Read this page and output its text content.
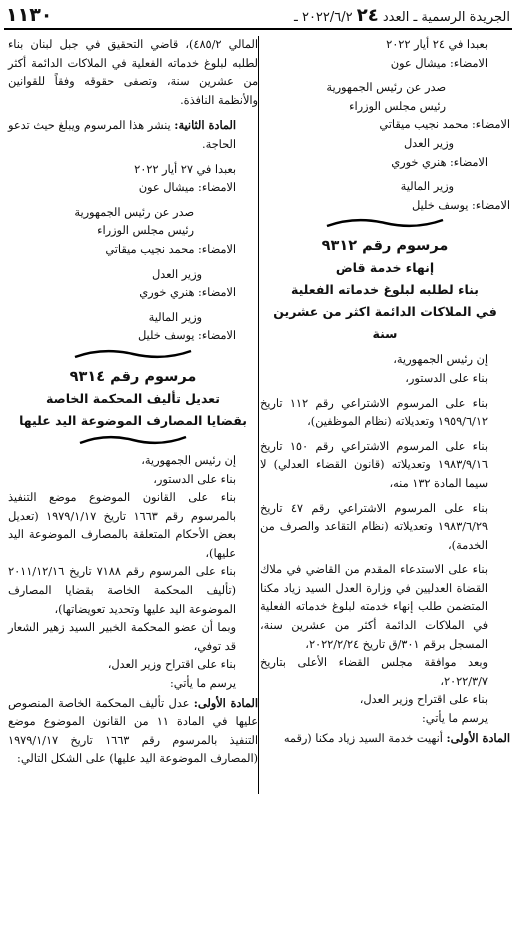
١١٣٠	الجريدة الرسمية ـ العدد ٢٤ ٢٠٢٢/٦/٢ ـ

بعبدا في ٢٤ أيار ٢٠٢٢

الامضاء: ميشال عون

صدر عن رئيس الجمهورية

رئيس مجلس الوزراء

الامضاء: محمد نجيب ميقاتي

وزير العدل

الامضاء: هنري خوري

وزير المالية

الامضاء: يوسف خليل

مرسوم رقم ٩٣١٢

إنهاء خدمة قاض

بناء لطلبه لبلوغ خدماته الفعلية

في الملاكات الدائمة اكثر من عشرين سنة

إن رئيس الجمهورية،

بناء على الدستور،

بناء على المرسوم الاشتراعي رقم ١١٢ تاريخ ١٩٥٩/٦/١٢ وتعديلاته (نظام الموظفين)،

بناء على المرسوم الاشتراعي رقم ١٥٠ تاريخ ١٩٨٣/٩/١٦ وتعديلاته (قانون القضاء العدلي) لا سيما المادة ١٣٢ منه،

بناء على المرسوم الاشتراعي رقم ٤٧ تاريخ ١٩٨٣/٦/٢٩ وتعديلاته (نظام التقاعد والصرف من الخدمة)،

بناء على الاستدعاء المقدم من القاضي في ملاك القضاة العدليين في وزارة العدل السيد زياد مكنا المتضمن طلب إنهاء خدمته لبلوغ خدماته الفعلية في الملاكات الدائمة أكثر من عشرين سنة، المسجل برقم ٣٠١/ق تاريخ ٢٠٢٢/٢/٢٤،

وبعد موافقة مجلس القضاء الأعلى بتاريخ ٢٠٢٢/٣/٧،

بناء على اقتراح وزير العدل،

يرسم ما يأتي:

المادة الأولى: أنهيت خدمة السيد زياد مكنا (رقمه

المالي ٤٨٥/٢)، قاضي التحقيق في جبل لبنان بناء لطلبه لبلوغ خدماته الفعلية في الملاكات الدائمة أكثر من عشرين سنة، وتصفى حقوقه وفقاً للقوانين والأنظمة النافذة.

المادة الثانية: ينشر هذا المرسوم ويبلغ حيث تدعو الحاجة.

بعبدا في ٢٧ أيار ٢٠٢٢

الامضاء: ميشال عون

صدر عن رئيس الجمهورية

رئيس مجلس الوزراء

الامضاء: محمد نجيب ميقاتي

وزير العدل

الامضاء: هنري خوري

وزير المالية

الامضاء: يوسف خليل

مرسوم رقم ٩٣١٤

تعديل تأليف المحكمة الخاصة

بقضايا المصارف الموضوعة اليد عليها

إن رئيس الجمهورية،

بناء على الدستور،

بناء على القانون الموضوع موضع التنفيذ بالمرسوم رقم ١٦٦٣ تاريخ ١٩٧٩/١/١٧ (تعديل بعض الأحكام المتعلقة بالمصارف الموضوعة اليد عليها)،

بناء على المرسوم رقم ٧١٨٨ تاريخ ٢٠١١/١٢/١٦ (تأليف المحكمة الخاصة بقضايا المصارف الموضوعة اليد عليها وتحديد تعويضاتها)،

وبما أن عضو المحكمة الخبير السيد زهير الشعار قد توفي،

بناء على اقتراح وزير العدل،

يرسم ما يأتي:

المادة الأولى: عدل تأليف المحكمة الخاصة المنصوص عليها في المادة ١١ من القانون الموضوع موضع التنفيذ بالمرسوم رقم ١٦٦٣ تاريخ ١٩٧٩/١/١٧ (المصارف الموضوعة اليد عليها) على الشكل التالي:
